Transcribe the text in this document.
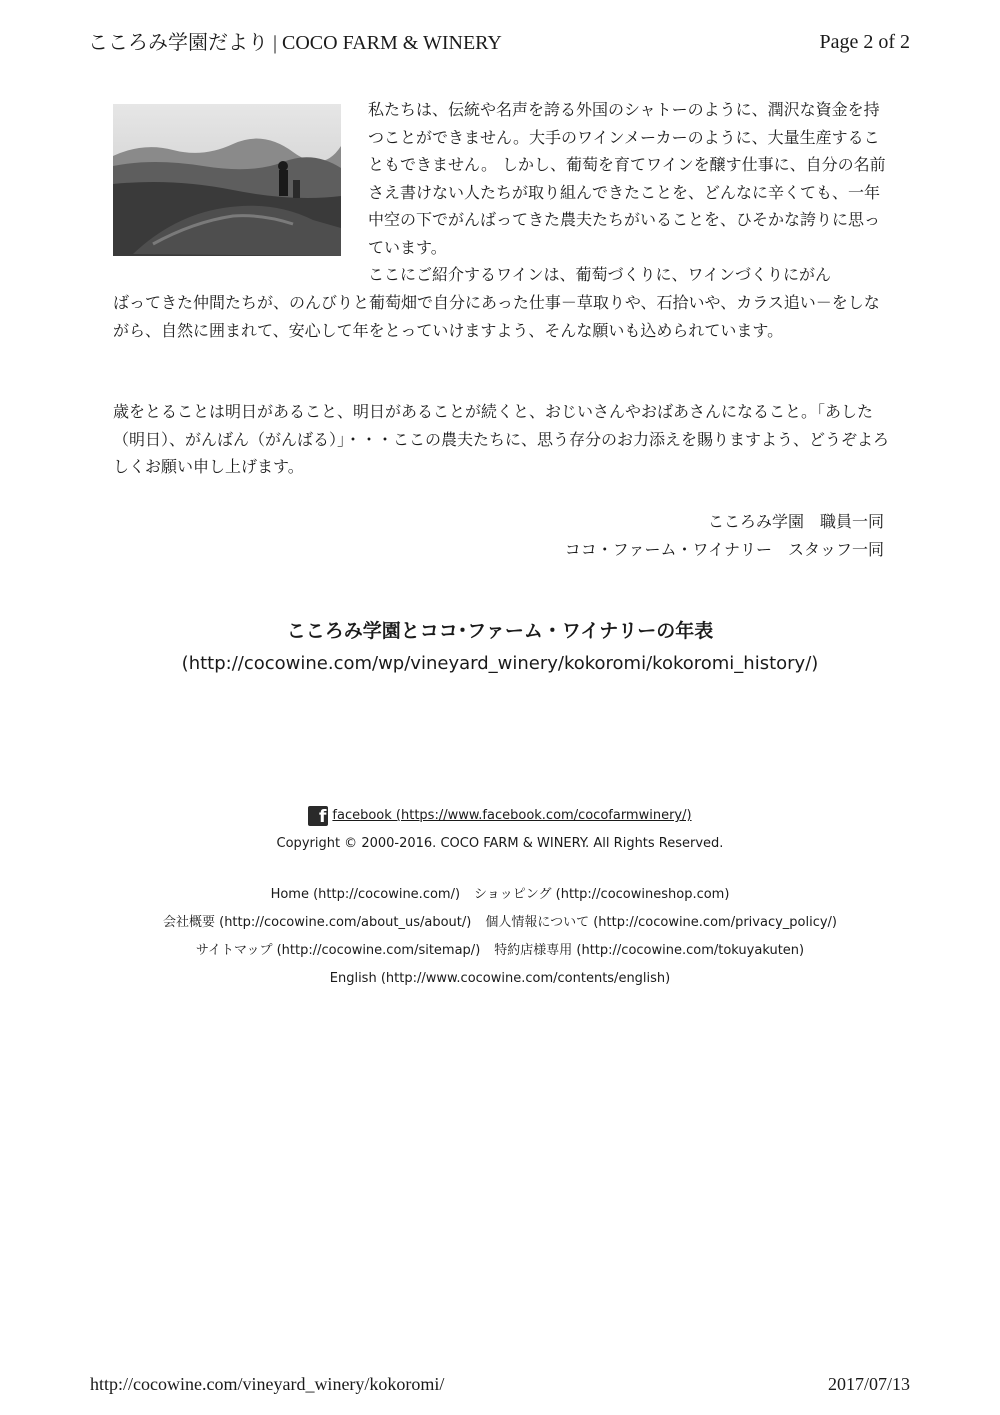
こころみ学園だより | COCO FARM & WINERY	Page 2 of 2

私たちは、伝統や名声を誇る外国のシャトーのように、潤沢な資金を持つことができません。大手のワインメーカーのように、大量生産することもできません。 しかし、葡萄を育てワインを醸す仕事に、自分の名前さえ書けない人たちが取り組んできたことを、どんなに辛くても、一年中空の下でがんばってきた農夫たちがいることを、ひそかな誇りに思っています。

ここにご紹介するワインは、葡萄づくりに、ワインづくりにがん

ばってきた仲間たちが、のんびりと葡萄畑で自分にあった仕事－草取りや、石拾いや、カラス追い－をしながら、自然に囲まれて、安心して年をとっていけますよう、そんな願いも込められています。

歳をとることは明日があること、明日があることが続くと、おじいさんやおばあさんになること。「あした（明日）、がんばん（がんばる）」・・・ここの農夫たちに、思う存分のお力添えを賜りますよう、どうぞよろしくお願い申し上げます。

こころみ学園　職員一同
ココ・ファーム・ワイナリー　スタッフ一同
こころみ学園とココ･ファーム・ワイナリーの年表
(http://cocowine.com/wp/vineyard_winery/kokoromi/kokoromi_history/)
f facebook (https://www.facebook.com/cocofarmwinery/)
Copyright © 2000-2016. COCO FARM & WINERY. All Rights Reserved.
Home (http://cocowine.com/) ショッピング (http://cocowineshop.com)
会社概要 (http://cocowine.com/about_us/about/) 個人情報について (http://cocowine.com/privacy_policy/)
サイトマップ (http://cocowine.com/sitemap/) 特約店様専用 (http://cocowine.com/tokuyakuten)
English (http://www.cocowine.com/contents/english)
http://cocowine.com/vineyard_winery/kokoromi/	2017/07/13
